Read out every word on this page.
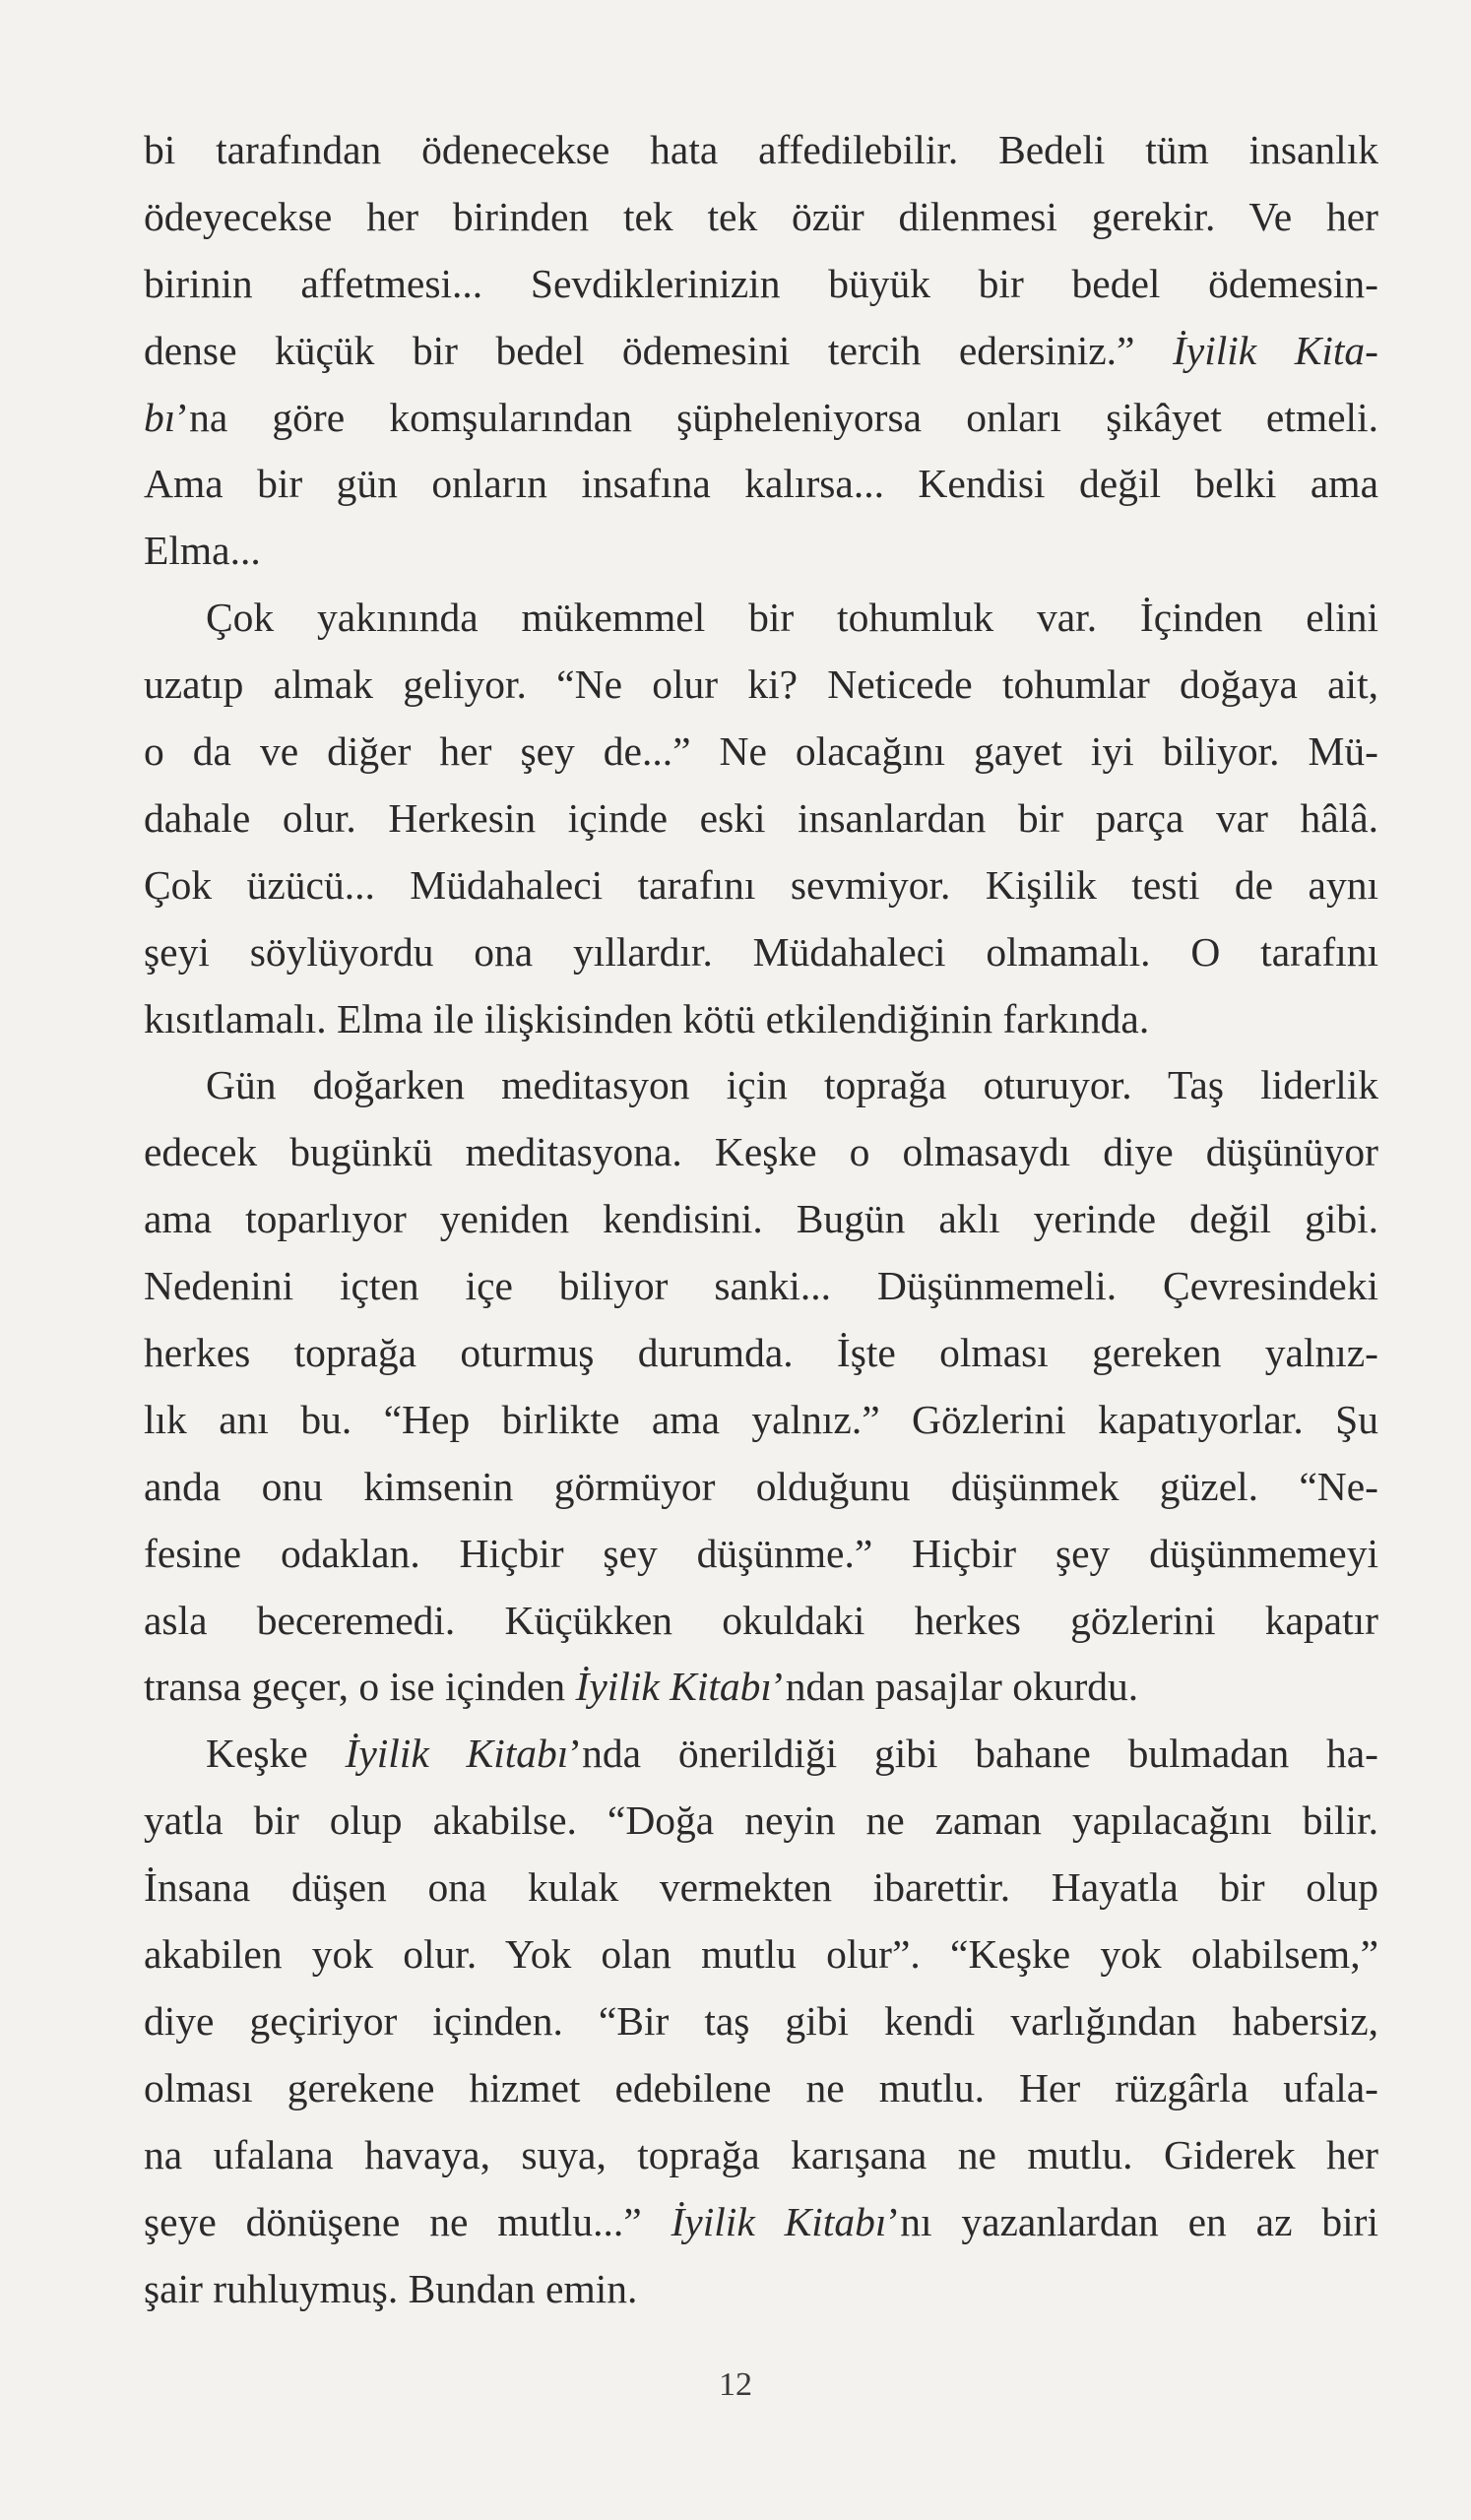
bi tarafından ödenecekse hata affedilebilir. Bedeli tüm insanlık
ödeyecekse her birinden tek tek özür dilenmesi gerekir. Ve her
birinin affetmesi... Sevdiklerinizin büyük bir bedel ödemesin-
dense küçük bir bedel ödemesini tercih edersiniz.” İyilik Kita-
bı’na göre komşularından şüpheleniyorsa onları şikâyet etmeli.
Ama bir gün onların insafına kalırsa... Kendisi değil belki ama
Elma...
Çok yakınında mükemmel bir tohumluk var. İçinden elini
uzatıp almak geliyor. “Ne olur ki? Neticede tohumlar doğaya ait,
o da ve diğer her şey de...” Ne olacağını gayet iyi biliyor. Mü-
dahale olur. Herkesin içinde eski insanlardan bir parça var hâlâ.
Çok üzücü... Müdahaleci tarafını sevmiyor. Kişilik testi de aynı
şeyi söylüyordu ona yıllardır. Müdahaleci olmamalı. O tarafını
kısıtlamalı. Elma ile ilişkisinden kötü etkilendiğinin farkında.
Gün doğarken meditasyon için toprağa oturuyor. Taş liderlik
edecek bugünkü meditasyona. Keşke o olmasaydı diye düşünüyor
ama toparlıyor yeniden kendisini. Bugün aklı yerinde değil gibi.
Nedenini içten içe biliyor sanki... Düşünmemeli. Çevresindeki
herkes toprağa oturmuş durumda. İşte olması gereken yalnız-
lık anı bu. “Hep birlikte ama yalnız.” Gözlerini kapatıyorlar. Şu
anda onu kimsenin görmüyor olduğunu düşünmek güzel. “Ne-
fesine odaklan. Hiçbir şey düşünme.” Hiçbir şey düşünmemeyi
asla beceremedi. Küçükken okuldaki herkes gözlerini kapatır
transa geçer, o ise içinden İyilik Kitabı’ndan pasajlar okurdu.
Keşke İyilik Kitabı’nda önerildiği gibi bahane bulmadan ha-
yatla bir olup akabilse. “Doğa neyin ne zaman yapılacağını bilir.
İnsana düşen ona kulak vermekten ibarettir. Hayatla bir olup
akabilen yok olur. Yok olan mutlu olur”. “Keşke yok olabilsem,”
diye geçiriyor içinden. “Bir taş gibi kendi varlığından habersiz,
olması gerekene hizmet edebilene ne mutlu. Her rüzgârla ufala-
na ufalana havaya, suya, toprağa karışana ne mutlu. Giderek her
şeye dönüşene ne mutlu...” İyilik Kitabı’nı yazanlardan en az biri
şair ruhluymuş. Bundan emin.
12
